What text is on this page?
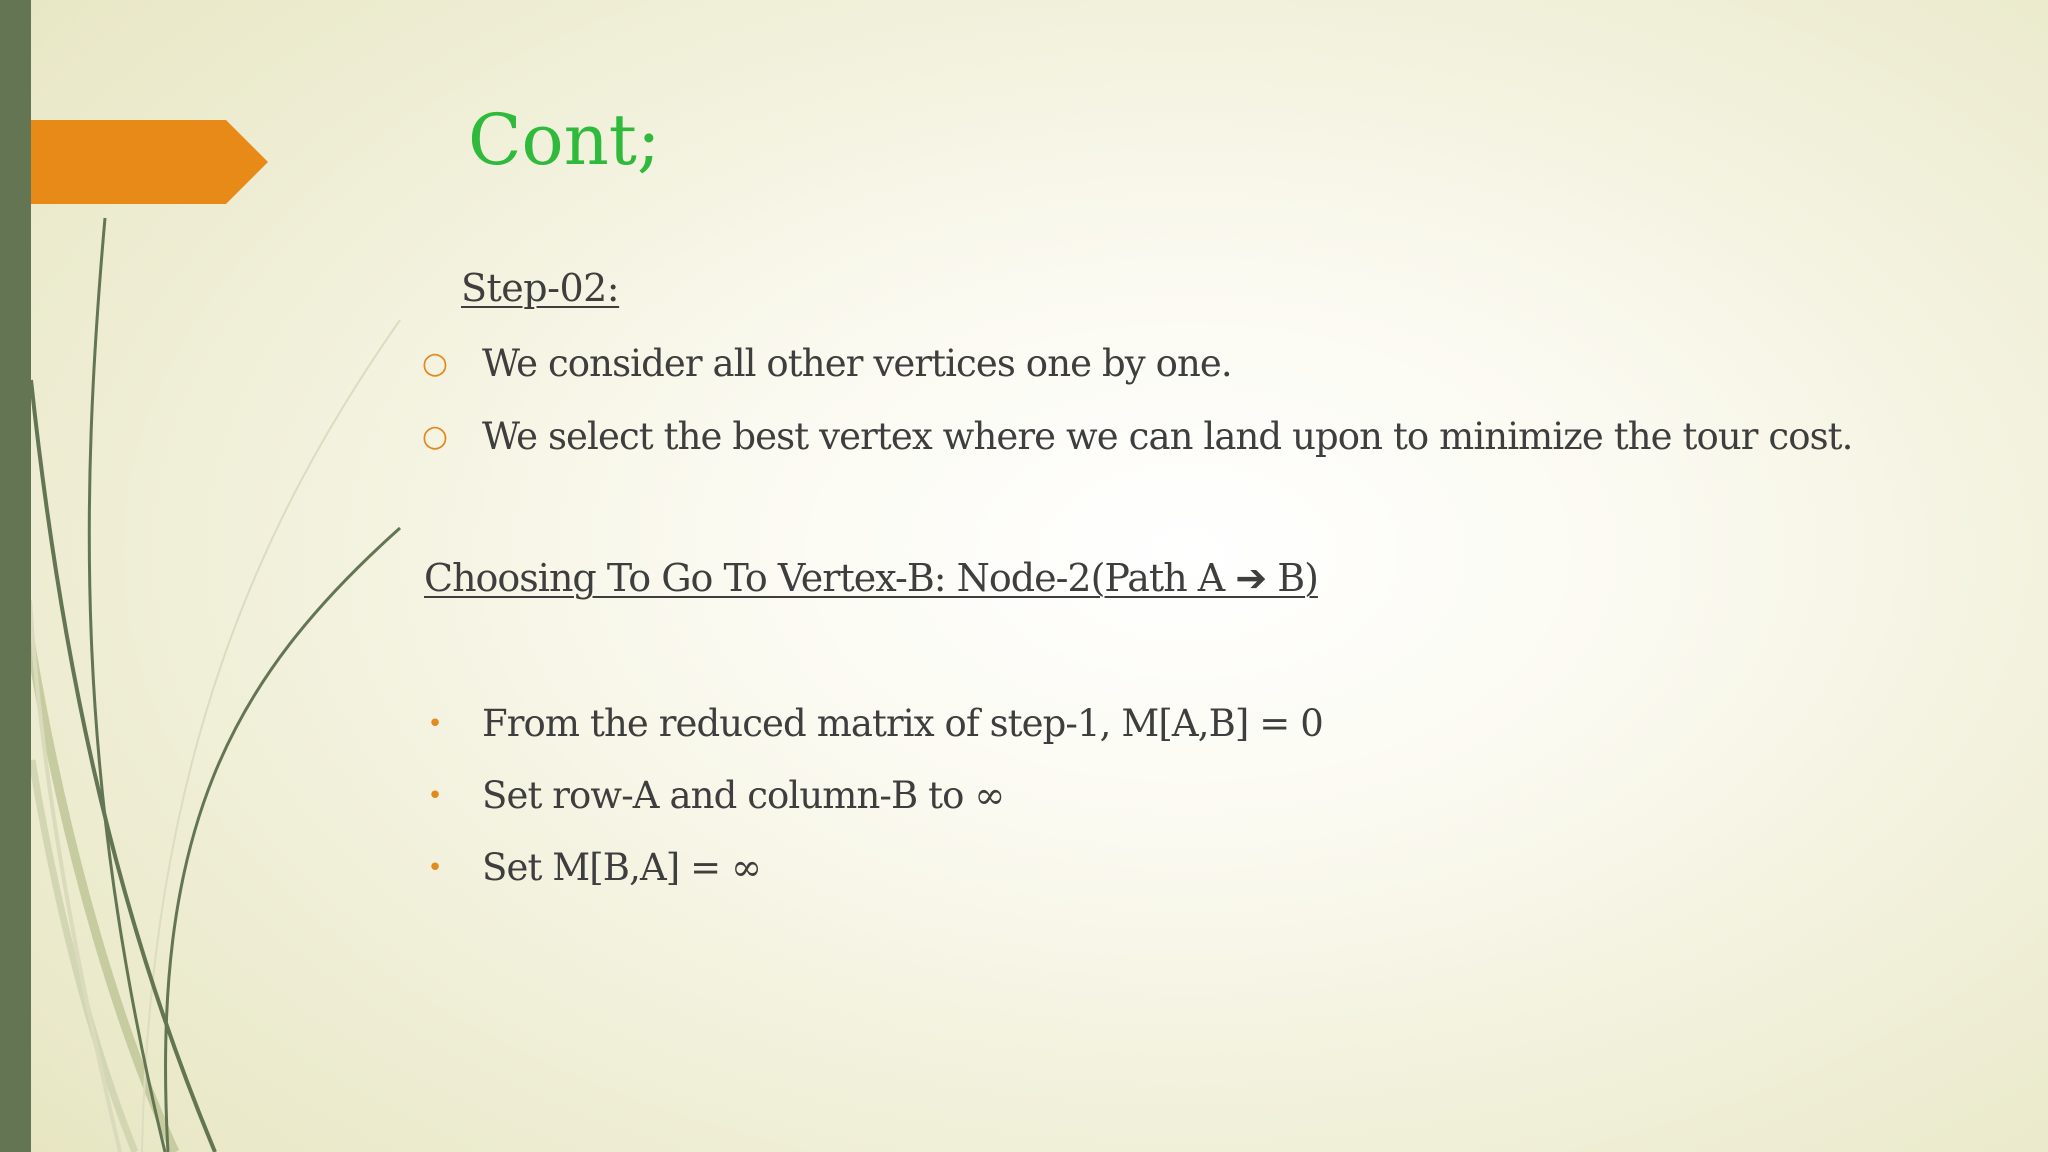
Cont;
Step-02:
○ We consider all other vertices one by one.
○ We select the best vertex where we can land upon to minimize the tour cost.
Choosing To Go To Vertex-B: Node-2(Path A ➔ B)
• From the reduced matrix of step-1, M[A,B] = 0
• Set row-A and column-B to ∞
• Set M[B,A] = ∞
